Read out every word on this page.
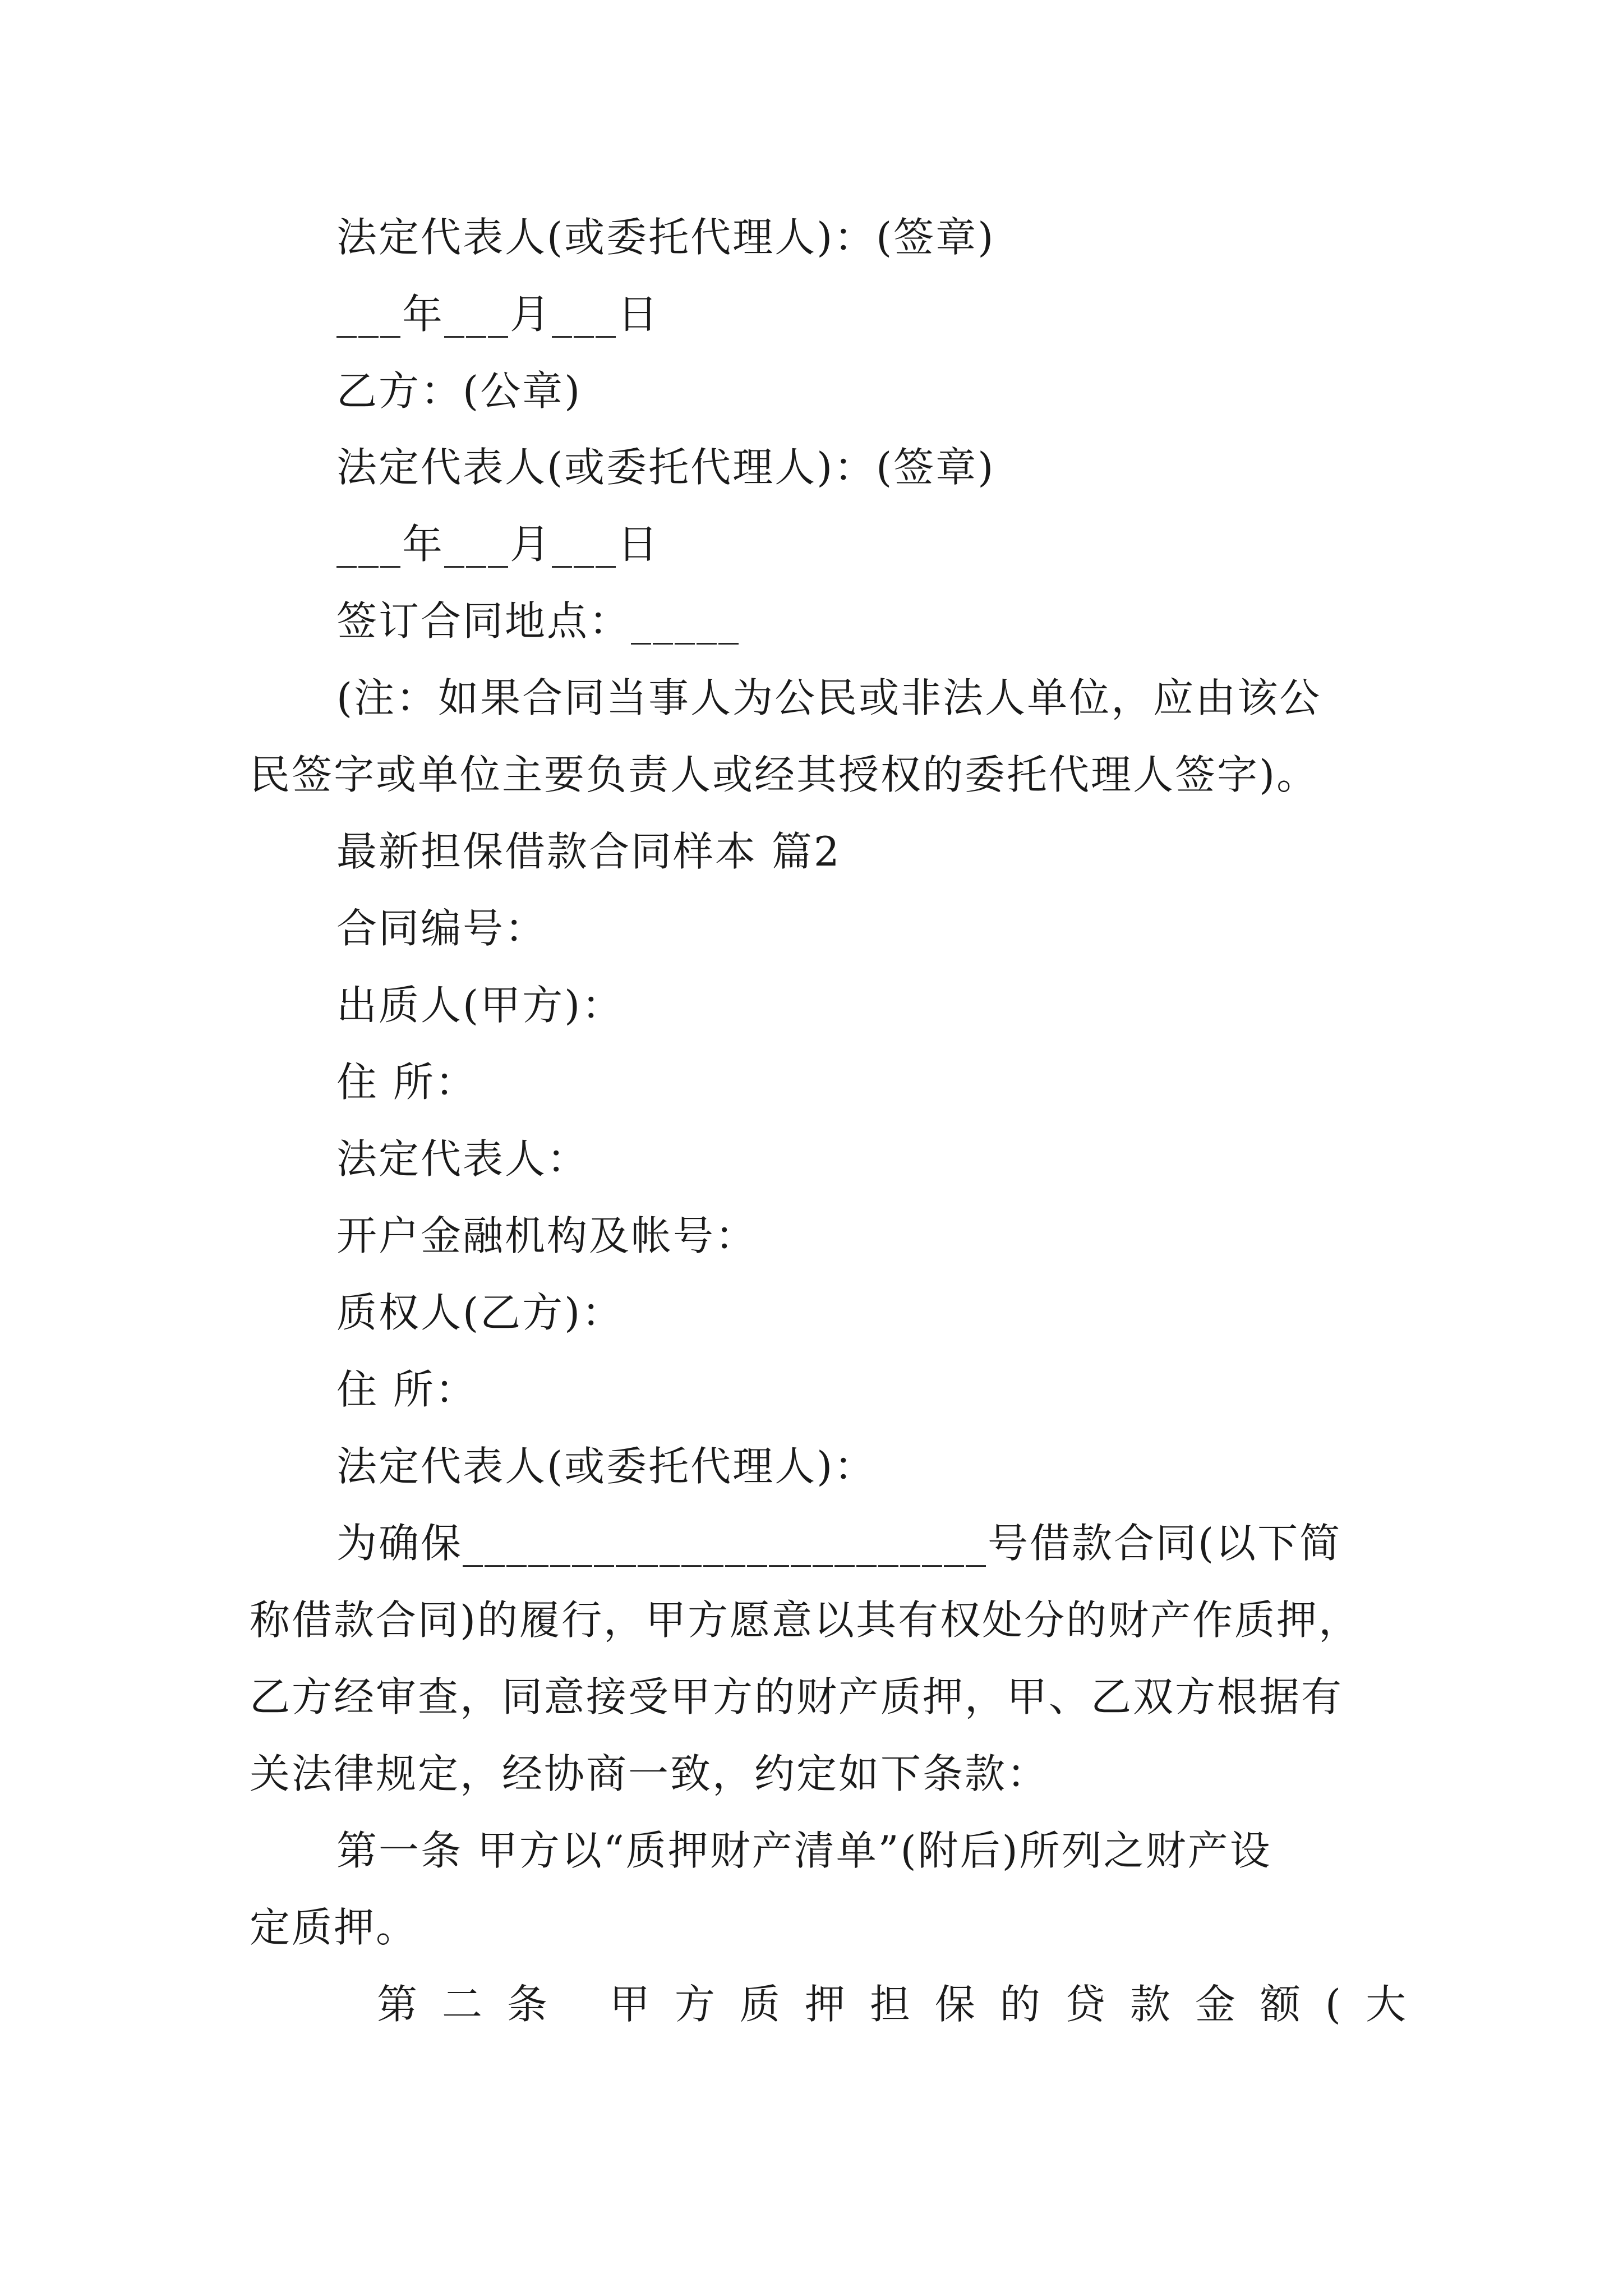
法定代表人(或委托代理人)：(签章)
___年___月___日
乙方：(公章)
法定代表人(或委托代理人)：(签章)
___年___月___日
签订合同地点：_____
(注：如果合同当事人为公民或非法人单位，应由该公
民签字或单位主要负责人或经其授权的委托代理人签字)。
最新担保借款合同样本 篇2
合同编号：
出质人(甲方)：
住 所：
法定代表人：
开户金融机构及帐号：
质权人(乙方)：
住 所：
法定代表人(或委托代理人)：
为确保________________________号借款合同(以下简
称借款合同)的履行，甲方愿意以其有权处分的财产作质押，
乙方经审查，同意接受甲方的财产质押，甲、乙双方根据有
关法律规定，经协商一致，约定如下条款：
第一条 甲方以“质押财产清单”(附后)所列之财产设
定质押。
第二条 甲方质押担保的贷款金额(大
